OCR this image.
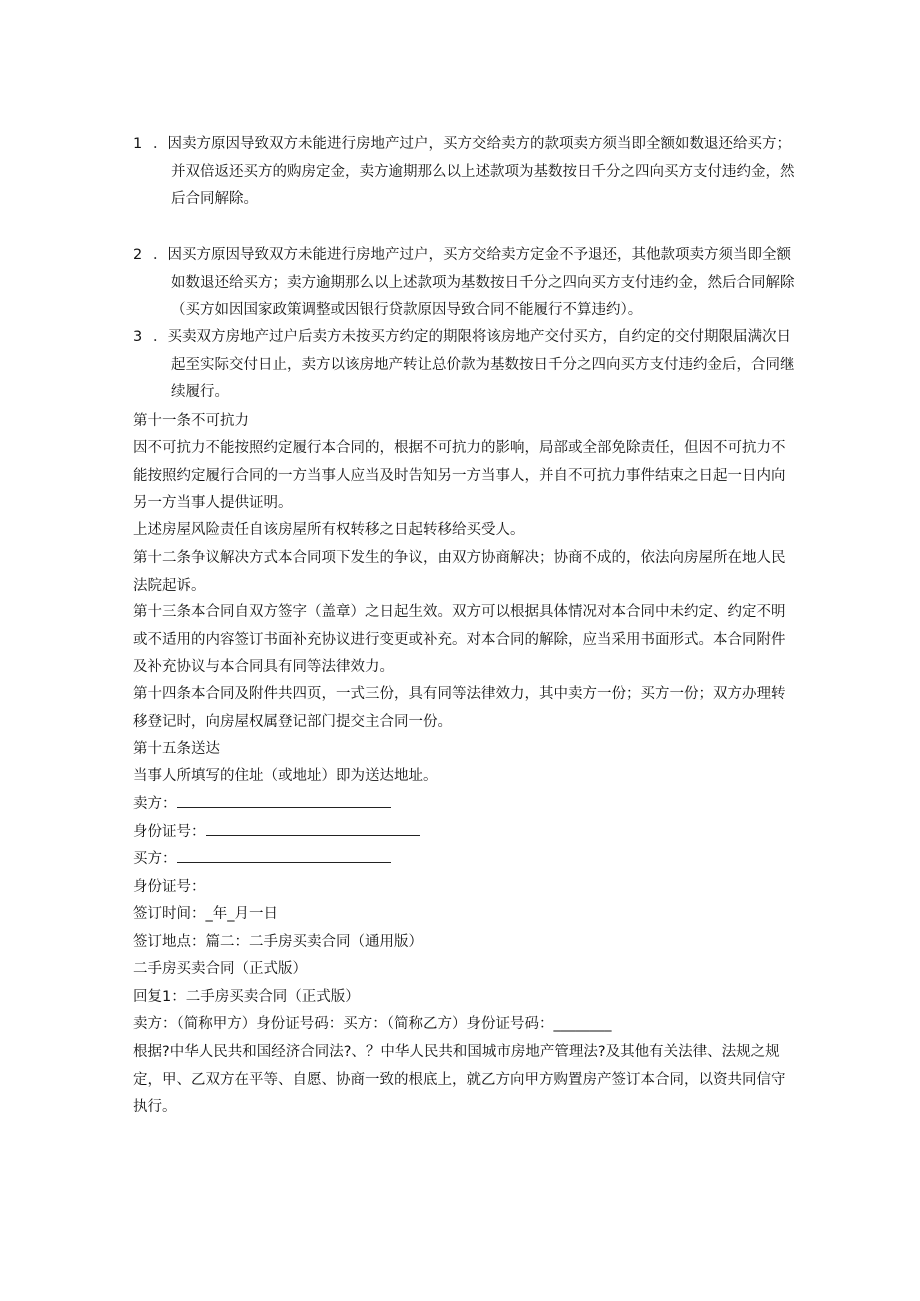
1 ．因卖方原因导致双方未能进行房地产过户，买方交给卖方的款项卖方须当即全额如数退还给买方；并双倍返还买方的购房定金，卖方逾期那么以上述款项为基数按日千分之四向买方支付违约金，然后合同解除。
2 ．因买方原因导致双方未能进行房地产过户，买方交给卖方定金不予退还，其他款项卖方须当即全额如数退还给买方；卖方逾期那么以上述款项为基数按日千分之四向买方支付违约金，然后合同解除（买方如因国家政策调整或因银行贷款原因导致合同不能履行不算违约）。
3 ．买卖双方房地产过户后卖方未按买方约定的期限将该房地产交付买方，自约定的交付期限届满次日起至实际交付日止，卖方以该房地产转让总价款为基数按日千分之四向买方支付违约金后，合同继续履行。
第十一条不可抗力
因不可抗力不能按照约定履行本合同的，根据不可抗力的影响，局部或全部免除责任，但因不可抗力不能按照约定履行合同的一方当事人应当及时告知另一方当事人，并自不可抗力事件结束之日起一日内向另一方当事人提供证明。
上述房屋风险责任自该房屋所有权转移之日起转移给买受人。
第十二条争议解决方式本合同项下发生的争议，由双方协商解决；协商不成的，依法向房屋所在地人民法院起诉。
第十三条本合同自双方签字（盖章）之日起生效。双方可以根据具体情况对本合同中未约定、约定不明或不适用的内容签订书面补充协议进行变更或补充。对本合同的解除，应当采用书面形式。本合同附件及补充协议与本合同具有同等法律效力。
第十四条本合同及附件共四页，一式三份，具有同等法律效力，其中卖方一份；买方一份；双方办理转移登记时，向房屋权属登记部门提交主合同一份。
第十五条送达
当事人所填写的住址（或地址）即为送达地址。
卖方：
身份证号：
买方：
身份证号：
签订时间：_年_月一日
签订地点：篇二：二手房买卖合同（通用版）
二手房买卖合同（正式版）
回复1：二手房买卖合同（正式版）
卖方：（简称甲方）身份证号码：买方：（简称乙方）身份证号码：________
根据?中华人民共和国经济合同法?、？中华人民共和国城市房地产管理法?及其他有关法律、法规之规定，甲、乙双方在平等、自愿、协商一致的根底上，就乙方向甲方购置房产签订本合同，以资共同信守执行。
